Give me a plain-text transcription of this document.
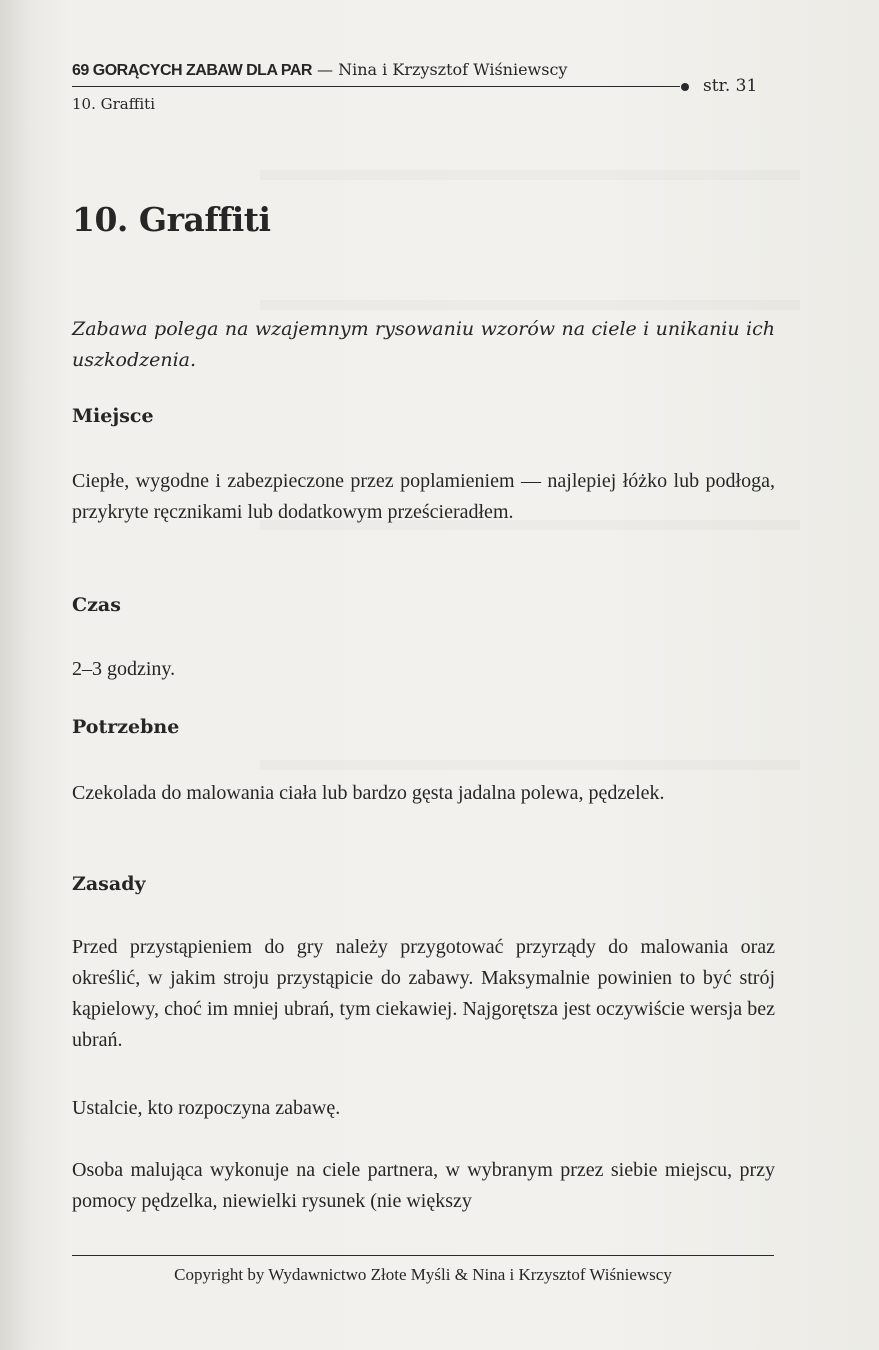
69 GORĄCYCH ZABAW DLA PAR — Nina i Krzysztof Wiśniewscy
str. 31
10. Graffiti
10. Graffiti

Zabawa polega na wzajemnym rysowaniu wzorów na ciele i unikaniu ich uszkodzenia.

Miejsce

Ciepłe, wygodne i zabezpieczone przez poplamieniem — najlepiej łóżko lub podłoga, przykryte ręcznikami lub dodatkowym prześcieradłem.

Czas

2–3 godziny.

Potrzebne

Czekolada do malowania ciała lub bardzo gęsta jadalna polewa, pędzelek.

Zasady

Przed przystąpieniem do gry należy przygotować przyrządy do malowania oraz określić, w jakim stroju przystąpicie do zabawy. Maksymalnie powinien to być strój kąpielowy, choć im mniej ubrań, tym ciekawiej. Najgorętsza jest oczywiście wersja bez ubrań.

Ustalcie, kto rozpoczyna zabawę.

Osoba malująca wykonuje na ciele partnera, w wybranym przez siebie miejscu, przy pomocy pędzelka, niewielki rysunek (nie większy

Copyright by Wydawnictwo Złote Myśli & Nina i Krzysztof Wiśniewscy
